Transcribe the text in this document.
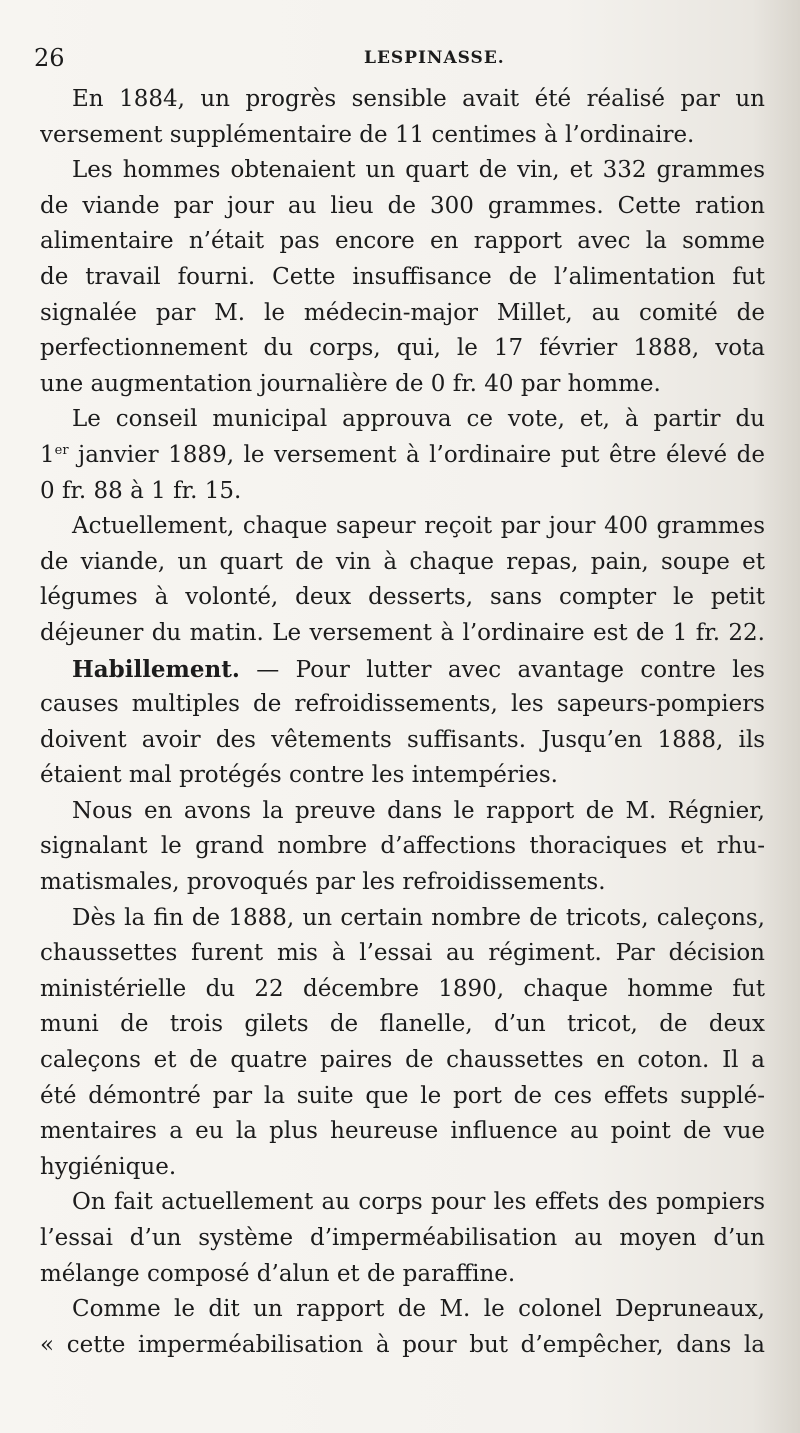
26	LESPINASSE.
En 1884, un progrès sensible avait été réalisé par un
versement supplémentaire de 11 centimes à l’ordinaire.
Les hommes obtenaient un quart de vin, et 332 grammes
de viande par jour au lieu de 300 grammes. Cette ration
alimentaire n’était pas encore en rapport avec la somme
de travail fourni. Cette insuffisance de l’alimentation fut
signalée par M. le médecin-major Millet, au comité de
perfectionnement du corps, qui, le 17 février 1888, vota
une augmentation journalière de 0 fr. 40 par homme.
Le conseil municipal approuva ce vote, et, à partir du
1er janvier 1889, le versement à l’ordinaire put être élevé de
0 fr. 88 à 1 fr. 15.
Actuellement, chaque sapeur reçoit par jour 400 grammes
de viande, un quart de vin à chaque repas, pain, soupe et
légumes à volonté, deux desserts, sans compter le petit
déjeuner du matin. Le versement à l’ordinaire est de 1 fr. 22.
Habillement. — Pour lutter avec avantage contre les
causes multiples de refroidissements, les sapeurs-pompiers
doivent avoir des vêtements suffisants. Jusqu’en 1888, ils
étaient mal protégés contre les intempéries.
Nous en avons la preuve dans le rapport de M. Régnier,
signalant le grand nombre d’affections thoraciques et rhu-
matismales, provoqués par les refroidissements.
Dès la fin de 1888, un certain nombre de tricots, caleçons,
chaussettes furent mis à l’essai au régiment. Par décision
ministérielle du 22 décembre 1890, chaque homme fut
muni de trois gilets de flanelle, d’un tricot, de deux
caleçons et de quatre paires de chaussettes en coton. Il a
été démontré par la suite que le port de ces effets supplé-
mentaires a eu la plus heureuse influence au point de vue
hygiénique.
On fait actuellement au corps pour les effets des pompiers
l’essai d’un système d’imperméabilisation au moyen d’un
mélange composé d’alun et de paraffine.
Comme le dit un rapport de M. le colonel Depruneaux,
« cette imperméabilisation à pour but d’empêcher, dans la
